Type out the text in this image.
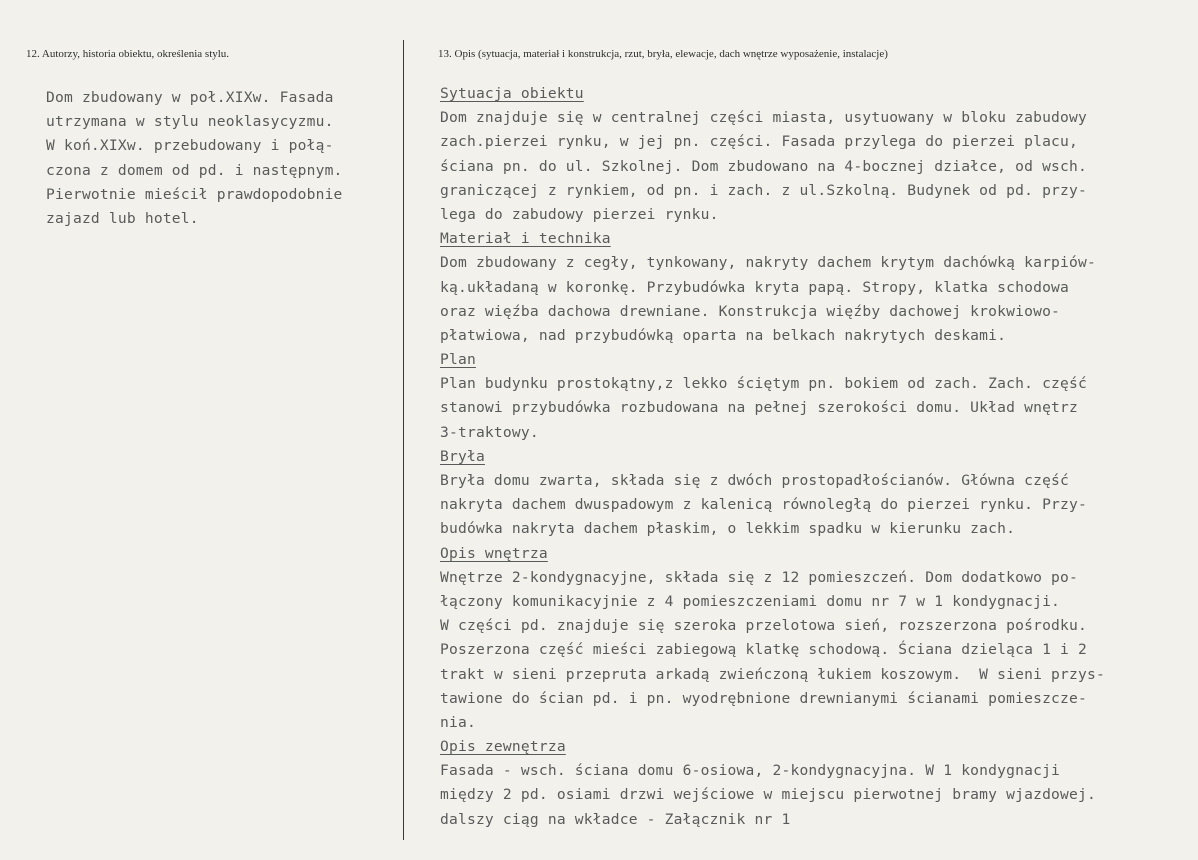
12. Autorzy, historia obiektu, określenia stylu.	13. Opis (sytuacja, materiał i konstrukcja, rzut, bryła, elewacje, dach wnętrze wyposażenie, instalacje)
Dom zbudowany w poł.XIXw. Fasada
utrzymana w stylu neoklasycyzmu.
W koń.XIXw. przebudowany i połą-
czona z domem od pd. i następnym.
Pierwotnie mieścił prawdopodobnie
zajazd lub hotel.
Sytuacja obiektu
Dom znajduje się w centralnej części miasta, usytuowany w bloku zabudowy
zach.pierzei rynku, w jej pn. części. Fasada przylega do pierzei placu,
ściana pn. do ul. Szkolnej. Dom zbudowano na 4-bocznej działce, od wsch.
graniczącej z rynkiem, od pn. i zach. z ul.Szkolną. Budynek od pd. przy-
lega do zabudowy pierzei rynku.
Materiał i technika
Dom zbudowany z cegły, tynkowany, nakryty dachem krytym dachówką karpiów-
ką.układaną w koronkę. Przybudówka kryta papą. Stropy, klatka schodowa
oraz więźba dachowa drewniane. Konstrukcja więźby dachowej krokwiowo-
płatwiowa, nad przybudówką oparta na belkach nakrytych deskami.
Plan
Plan budynku prostokątny,z lekko ściętym pn. bokiem od zach. Zach. część
stanowi przybudówka rozbudowana na pełnej szerokości domu. Układ wnętrz
3-traktowy.
Bryła
Bryła domu zwarta, składa się z dwóch prostopadłościanów. Główna część
nakryta dachem dwuspadowym z kalenicą równoległą do pierzei rynku. Przy-
budówka nakryta dachem płaskim, o lekkim spadku w kierunku zach.
Opis wnętrza
Wnętrze 2-kondygnacyjne, składa się z 12 pomieszczeń. Dom dodatkowo po-
łączony komunikacyjnie z 4 pomieszczeniami domu nr 7 w 1 kondygnacji.
W części pd. znajduje się szeroka przelotowa sień, rozszerzona pośrodku.
Poszerzona część mieści zabiegową klatkę schodową. Ściana dzieląca 1 i 2
trakt w sieni przepruta arkadą zwieńczoną łukiem koszowym.  W sieni przys-
tawione do ścian pd. i pn. wyodrębnione drewnianymi ścianami pomieszcze-
nia.
Opis zewnętrza
Fasada - wsch. ściana domu 6-osiowa, 2-kondygnacyjna. W 1 kondygnacji
między 2 pd. osiami drzwi wejściowe w miejscu pierwotnej bramy wjazdowej.
dalszy ciąg na wkładce - Załącznik nr 1
